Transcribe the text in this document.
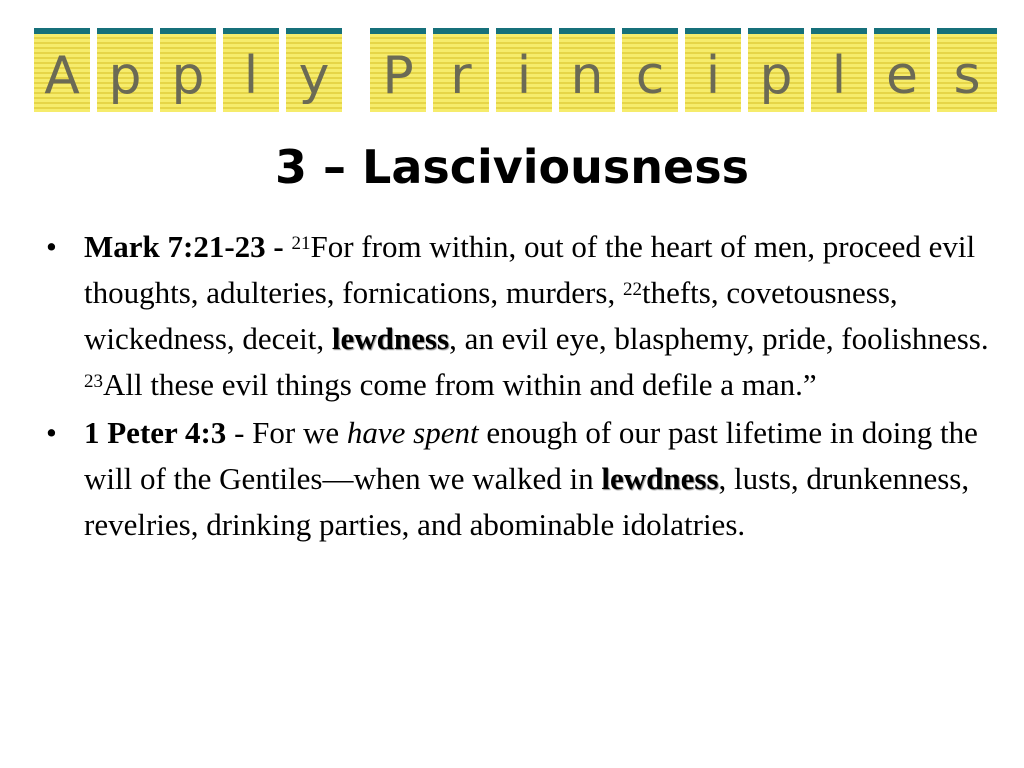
A p p l y P r i n c i p l e s
3 – Lasciviousness
• Mark 7:21-23 - $^{21}$For from within, out of the heart of men, proceed evil thoughts, adulteries, fornications, murders, $^{22}$thefts, covetousness, wickedness, deceit, lewdness, an evil eye, blasphemy, pride, foolishness. $^{23}$All these evil things come from within and defile a man.”
• 1 Peter 4:3 - For we have spent enough of our past lifetime in doing the will of the Gentiles—when we walked in lewdness, lusts, drunkenness, revelries, drinking parties, and abominable idolatries.
